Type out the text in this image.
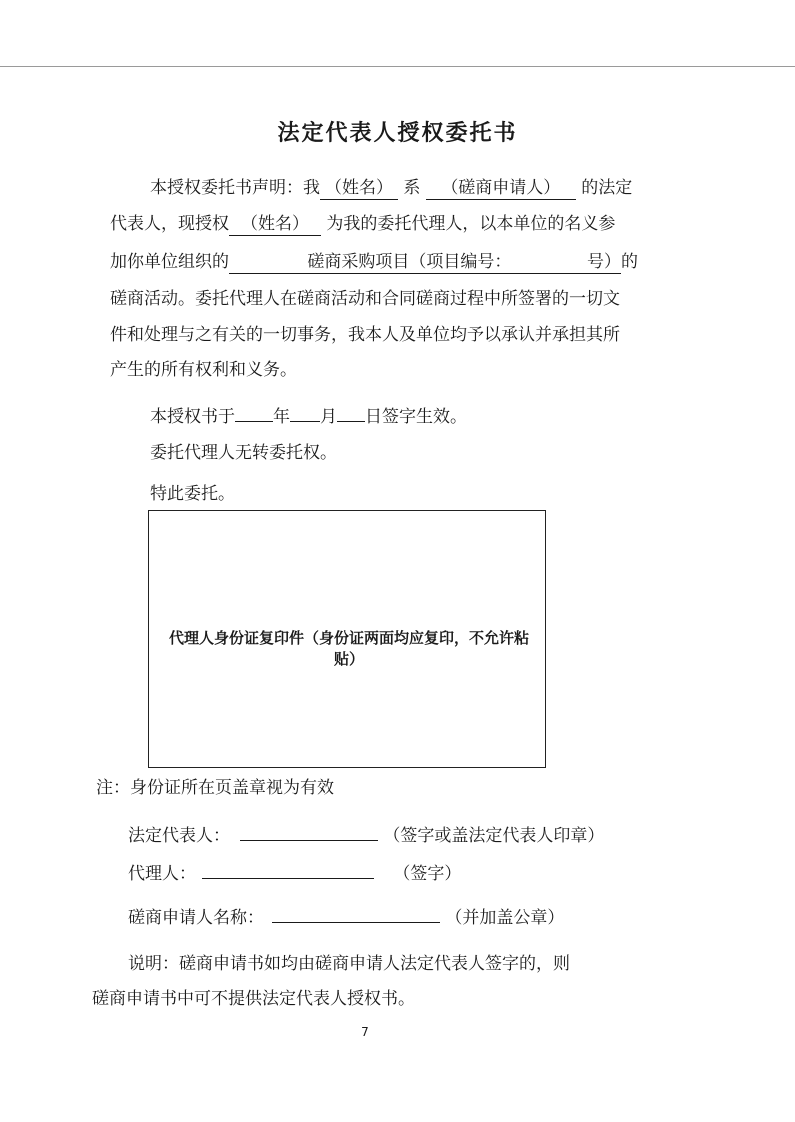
法定代表人授权委托书
本授权委托书声明：我 （姓名） 系 （磋商申请人） 的法定
代表人，现授权 （姓名） 为我的委托代理人，以本单位的名义参
加你单位组织的	磋商采购项目（项目编号：              号）的
磋商活动。委托代理人在磋商活动和合同磋商过程中所签署的一切文
件和处理与之有关的一切事务，我本人及单位均予以承认并承担其所
产生的所有权利和义务。
本授权书于 年 月 日签字生效。
委托代理人无转委托权。
特此委托。
代理人身份证复印件（身份证两面均应复印，不允许粘贴）
注：身份证所在页盖章视为有效
法定代表人：	（签字或盖法定代表人印章）
代理人：	（签字）
磋商申请人名称：	（并加盖公章）
说明：磋商申请书如均由磋商申请人法定代表人签字的，则
磋商申请书中可不提供法定代表人授权书。
7
